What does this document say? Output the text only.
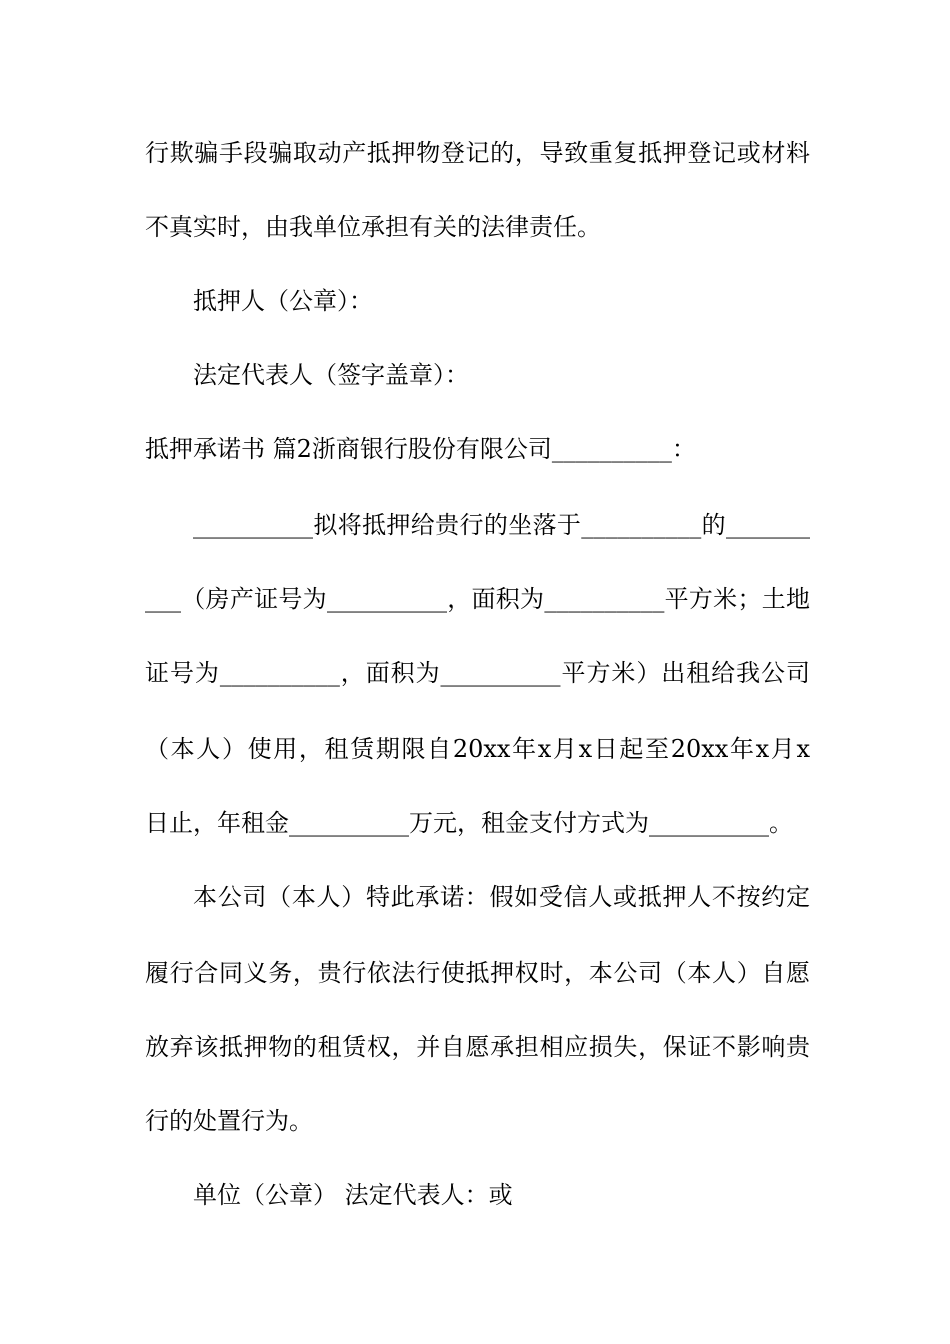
行欺骗手段骗取动产抵押物登记的，导致重复抵押登记或材料
不真实时，由我单位承担有关的法律责任。
抵押人（公章）：
法定代表人（签字盖章）：
抵押承诺书 篇2浙商银行股份有限公司__________：
__________拟将抵押给贵行的坐落于__________的_______
___（房产证号为__________，面积为__________平方米；土地
证号为__________，面积为__________平方米）出租给我公司
（本人）使用，租赁期限自20xx年x月x日起至20xx年x月x
日止，年租金__________万元，租金支付方式为__________。
本公司（本人）特此承诺：假如受信人或抵押人不按约定
履行合同义务，贵行依法行使抵押权时，本公司（本人）自愿
放弃该抵押物的租赁权，并自愿承担相应损失，保证不影响贵
行的处置行为。
单位（公章） 法定代表人：或
